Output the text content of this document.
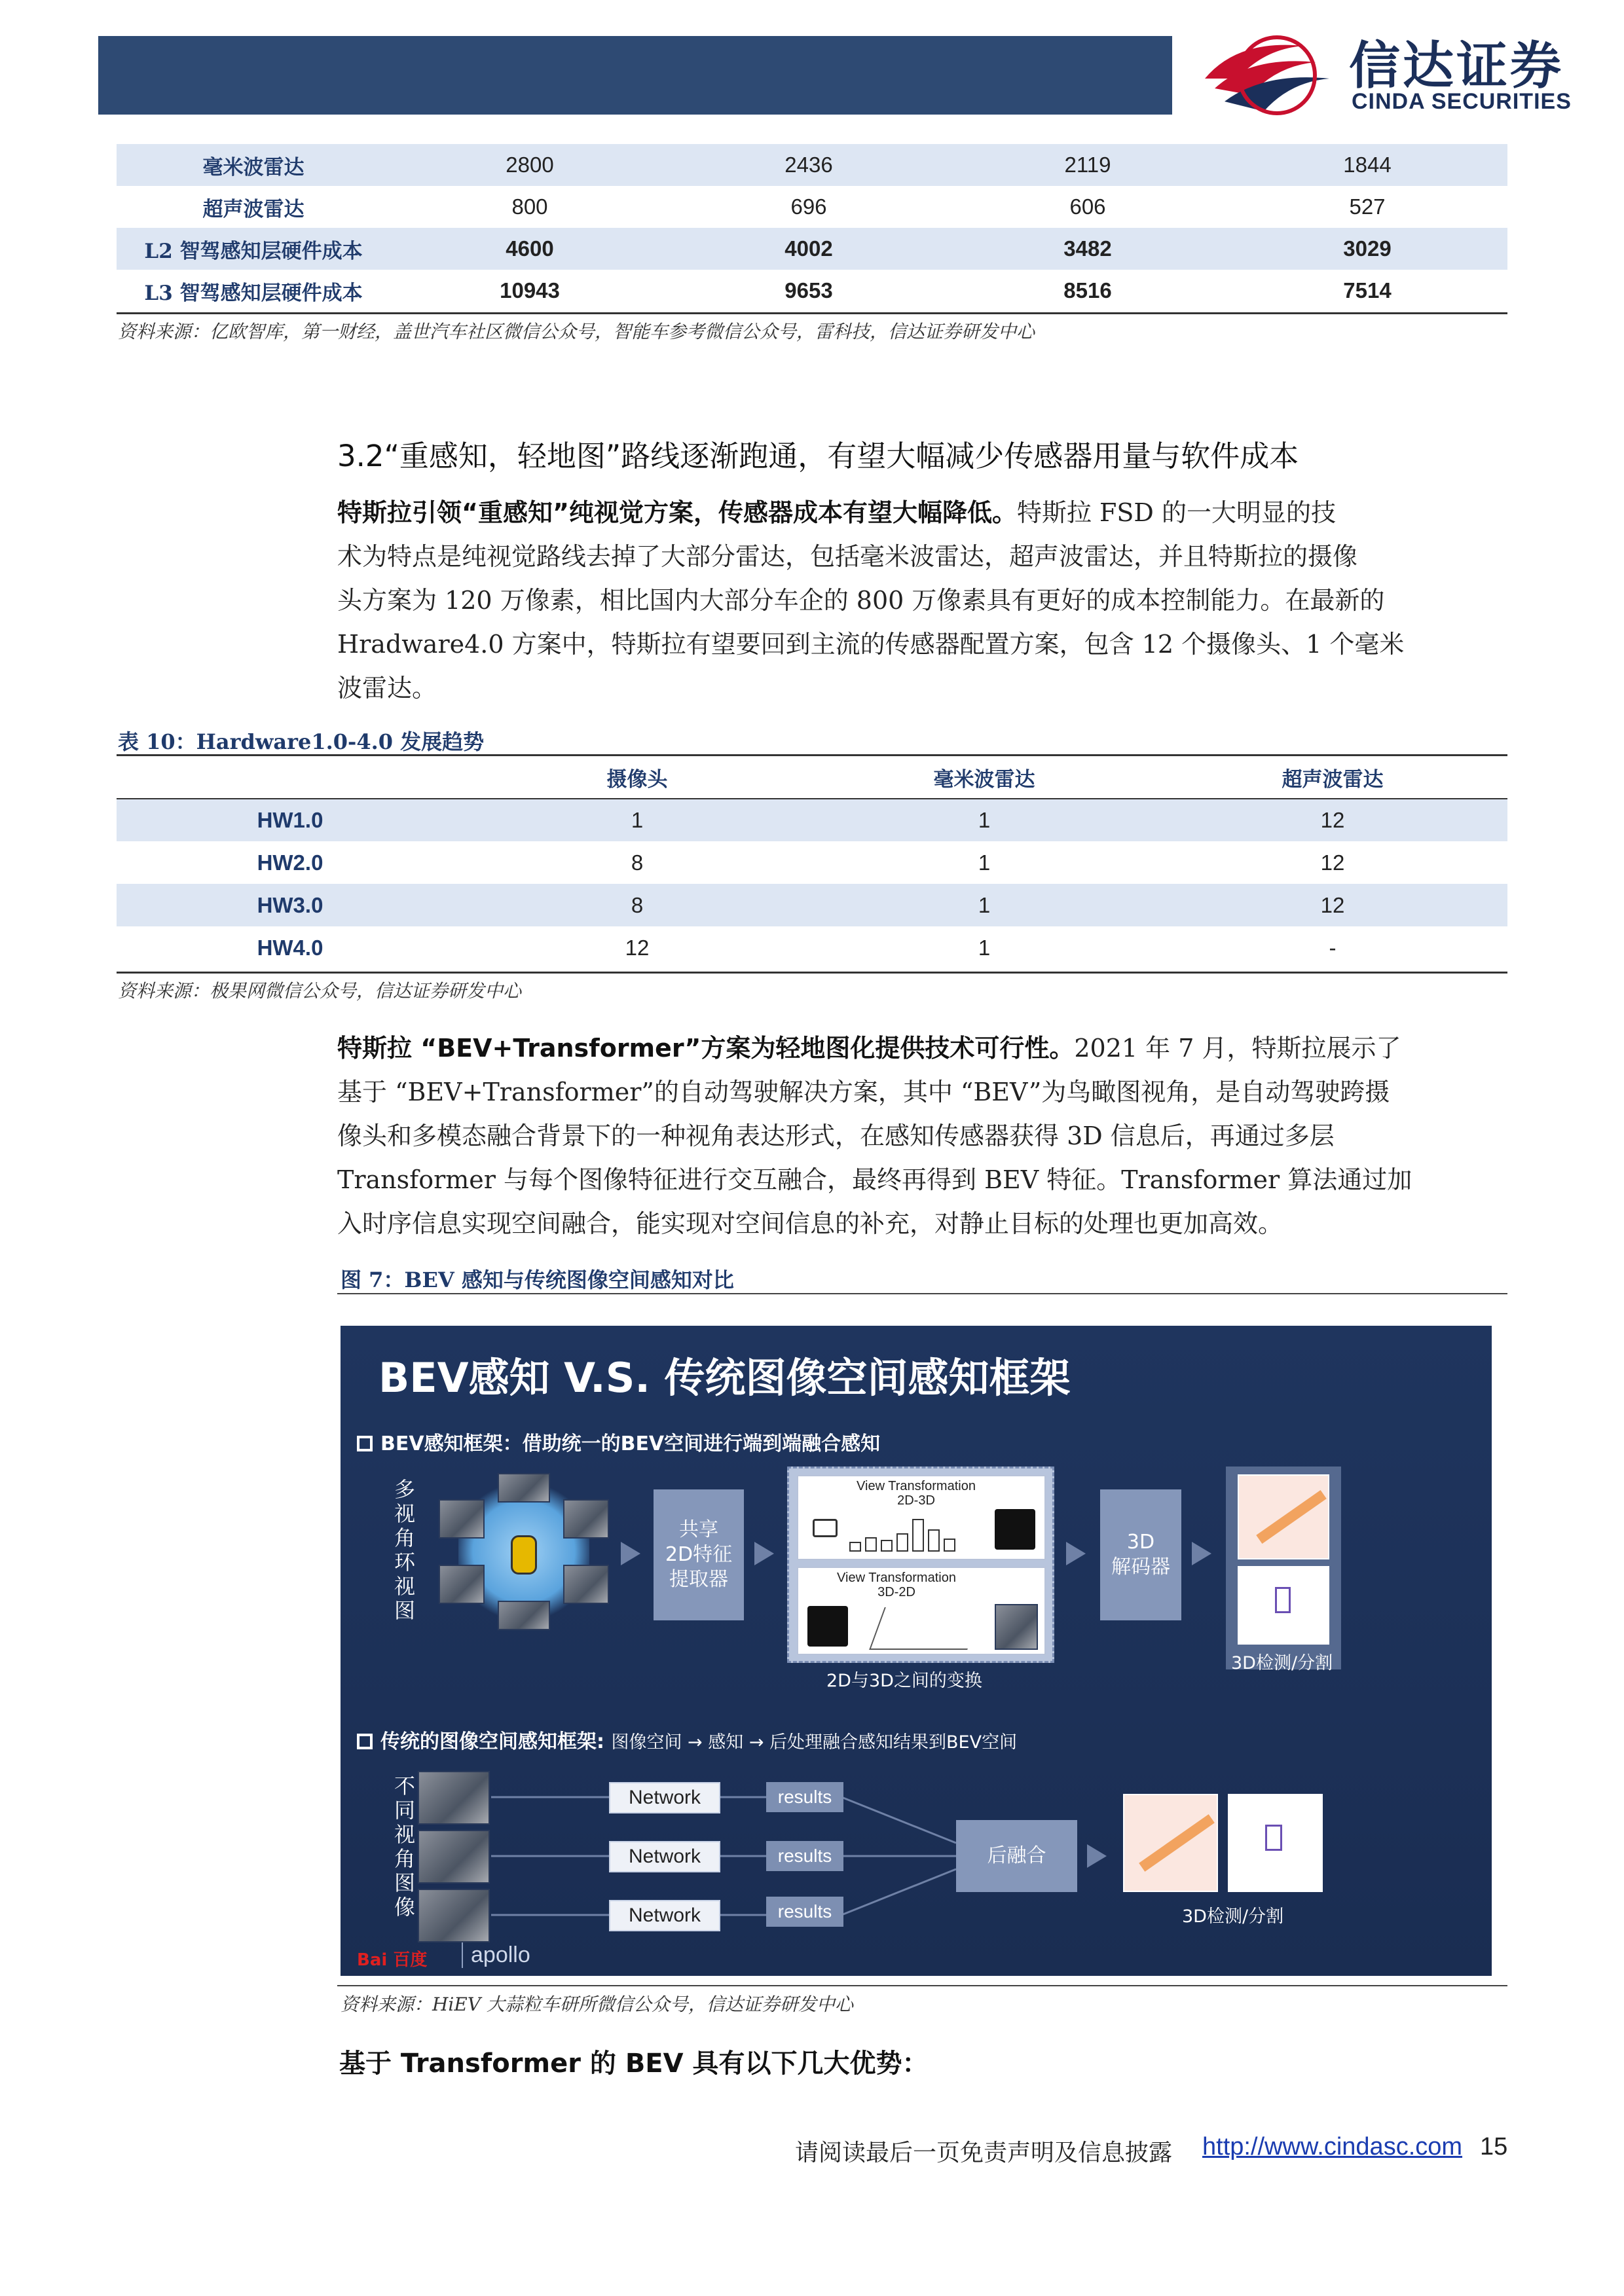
信达证券
CINDA SECURITIES
毫米波雷达	2800	2436	2119	1844
超声波雷达	800	696	606	527
L2 智驾感知层硬件成本	4600	4002	3482	3029
L3 智驾感知层硬件成本	10943	9653	8516	7514
资料来源：亿欧智库，第一财经，盖世汽车社区微信公众号，智能车参考微信公众号，雷科技，信达证券研发中心
3.2“重感知，轻地图”路线逐渐跑通，有望大幅减少传感器用量与软件成本
特斯拉引领“重感知”纯视觉方案，传感器成本有望大幅降低。特斯拉 FSD 的一大明显的技
术为特点是纯视觉路线去掉了大部分雷达，包括毫米波雷达，超声波雷达，并且特斯拉的摄像
头方案为 120 万像素，相比国内大部分车企的 800 万像素具有更好的成本控制能力。在最新的
Hradware4.0 方案中，特斯拉有望要回到主流的传感器配置方案，包含 12 个摄像头、1 个毫米
波雷达。
表 10：Hardware1.0-4.0 发展趋势
	摄像头	毫米波雷达	超声波雷达
HW1.0	1	1	12
HW2.0	8	1	12
HW3.0	8	1	12
HW4.0	12	1	-
资料来源：极果网微信公众号，信达证券研发中心
特斯拉 “BEV+Transformer”方案为轻地图化提供技术可行性。2021 年 7 月，特斯拉展示了
基于 “BEV+Transformer”的自动驾驶解决方案，其中 “BEV”为鸟瞰图视角，是自动驾驶跨摄
像头和多模态融合背景下的一种视角表达形式，在感知传感器获得 3D 信息后，再通过多层
Transformer 与每个图像特征进行交互融合，最终再得到 BEV 特征。Transformer 算法通过加
入时序信息实现空间融合，能实现对空间信息的补充，对静止目标的处理也更加高效。
图 7：BEV 感知与传统图像空间感知对比
BEV感知 V.S. 传统图像空间感知框架
BEV感知框架：借助统一的BEV空间进行端到端融合感知
多视角环视图
共享
2D特征
提取器
View Transformation
2D-3D
View Transformation
3D-2D
2D与3D之间的变换
3D
解码器
3D检测/分割
传统的图像空间感知框架: 图像空间 → 感知 → 后处理融合感知结果到BEV空间
不同视角图像
Network
Network
Network
results
results
results
后融合
3D检测/分割
Bai 百度	apollo
资料来源：HiEV 大蒜粒车研所微信公众号，信达证券研发中心
基于 Transformer 的 BEV 具有以下几大优势：
请阅读最后一页免责声明及信息披露 http://www.cindasc.com 15
